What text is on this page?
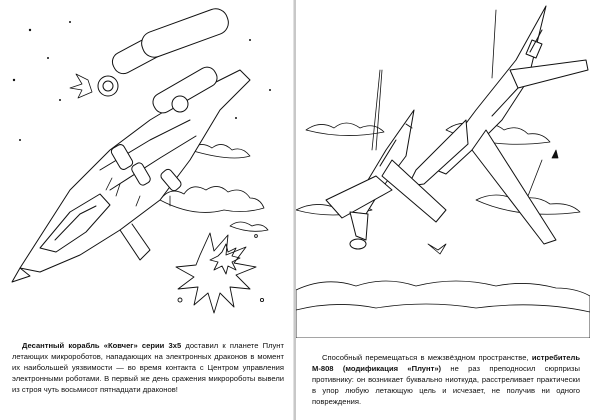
Десантный корабль «Ковчег» серии 3х5 доставил к планете Плунт летающих микророботов, нападающих на электронных драконов в момент их наибольшей уязвимости — во время контакта с Центром управления электронными роботами. В первый же день сражения микророботы вывели из строя чуть восьмисот пятнадцати драконов!

Способный перемещаться в межзвёздном пространстве, истребитель М-808 (модификация «Плунт») не раз преподносил сюрпризы противнику: он возникает буквально ниоткуда, расстреливает практически в упор любую летающую цель и исчезает, не получив ни одного повреждения.
